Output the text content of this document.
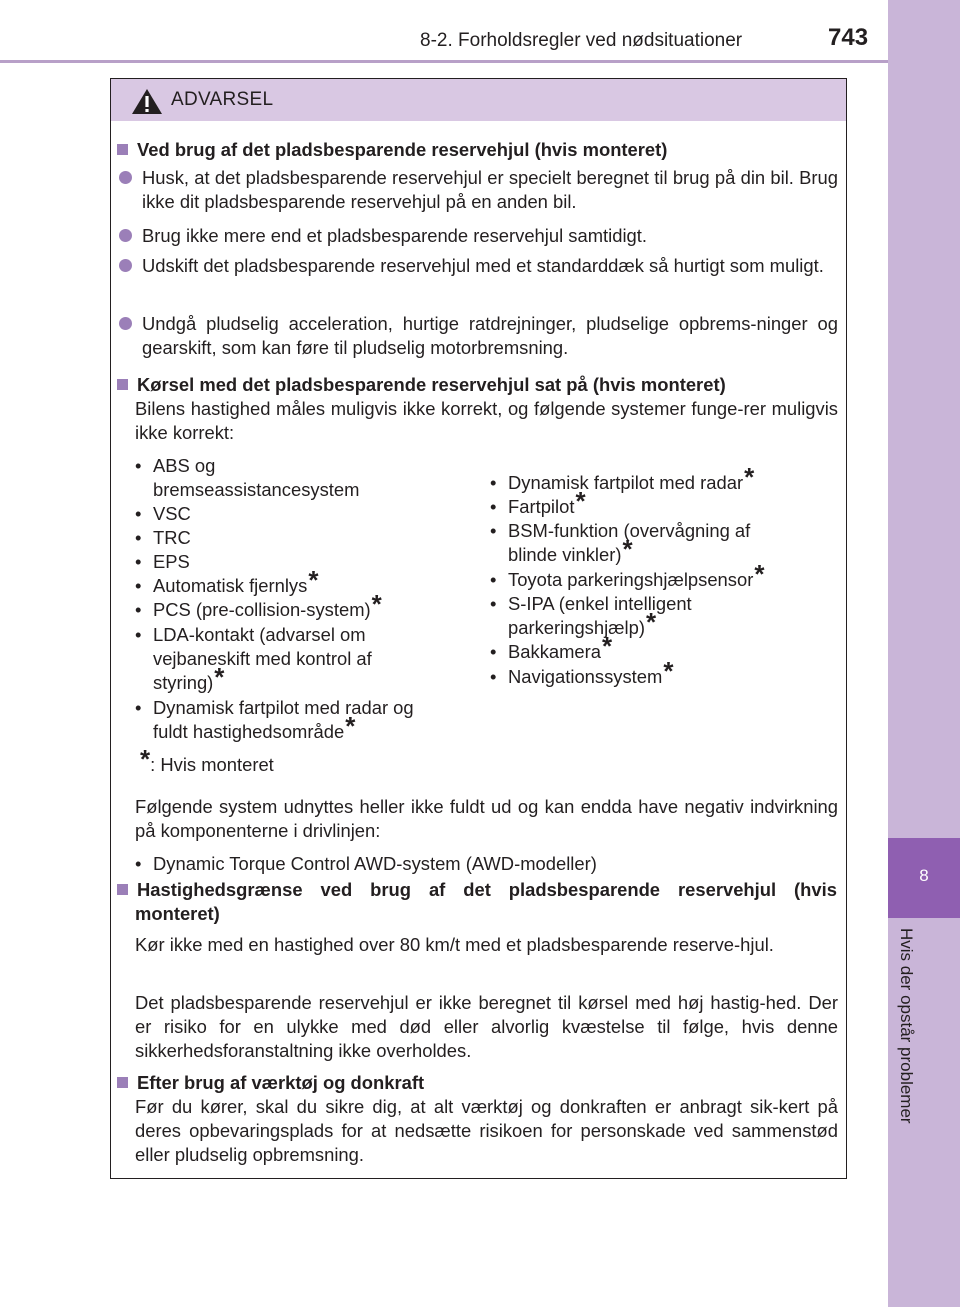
8-2. Forholdsregler ved nødsituationer	743
8
Hvis der opstår problemer
ADVARSEL
Ved brug af det pladsbesparende reservehjul (hvis monteret)
Husk, at det pladsbesparende reservehjul er specielt beregnet til brug på din bil. Brug ikke dit pladsbesparende reservehjul på en anden bil.
Brug ikke mere end et pladsbesparende reservehjul samtidigt.
Udskift det pladsbesparende reservehjul med et standarddæk så hurtigt som muligt.
Undgå pludselig acceleration, hurtige ratdrejninger, pludselige opbrems-ninger og gearskift, som kan føre til pludselig motorbremsning.
Kørsel med det pladsbesparende reservehjul sat på (hvis monteret)
Bilens hastighed måles muligvis ikke korrekt, og følgende systemer funge-rer muligvis ikke korrekt:
• ABS og
bremseassistancesystem
• VSC
• TRC
• EPS
• Automatisk fjernlys*
• PCS (pre-collision-system)*
• LDA-kontakt (advarsel om
vejbaneskift med kontrol af
styring)*
• Dynamisk fartpilot med radar og
fuldt hastighedsområde*
• Dynamisk fartpilot med radar*
• Fartpilot*
• BSM-funktion (overvågning af
blinde vinkler)*
• Toyota parkeringshjælpsensor*
• S-IPA (enkel intelligent
parkeringshjælp)*
• Bakkamera*
• Navigationssystem*
*: Hvis monteret
Følgende system udnyttes heller ikke fuldt ud og kan endda have negativ indvirkning på komponenterne i drivlinjen:
• Dynamic Torque Control AWD-system (AWD-modeller)
Hastighedsgrænse ved brug af det pladsbesparende reservehjul (hvis
monteret)
Kør ikke med en hastighed over 80 km/t med et pladsbesparende reserve-hjul.
Det pladsbesparende reservehjul er ikke beregnet til kørsel med høj hastig-hed. Der er risiko for en ulykke med død eller alvorlig kvæstelse til følge, hvis denne sikkerhedsforanstaltning ikke overholdes.
Efter brug af værktøj og donkraft
Før du kører, skal du sikre dig, at alt værktøj og donkraften er anbragt sik-kert på deres opbevaringsplads for at nedsætte risikoen for personskade ved sammenstød eller pludselig opbremsning.
